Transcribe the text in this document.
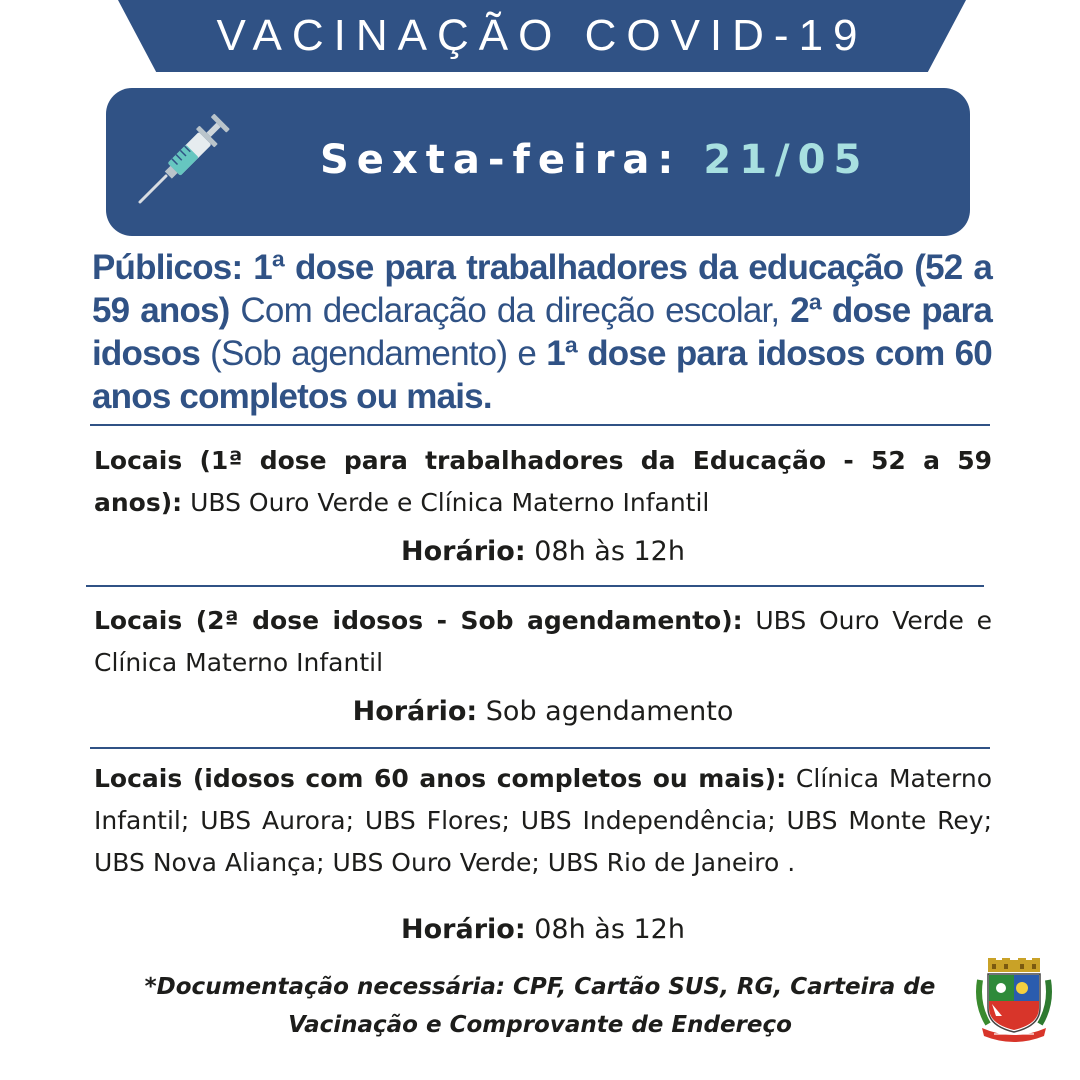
VACINAÇÃO COVID-19
Sexta-feira: 21/05
Públicos: 1ª dose para trabalhadores da educação (52 a 59 anos) Com declaração da direção escolar, 2ª dose para idosos (Sob agendamento) e 1ª dose para idosos com 60 anos completos ou mais.
Locais (1ª dose para trabalhadores da Educação - 52 a 59 anos): UBS Ouro Verde e Clínica Materno Infantil
Horário: 08h às 12h
Locais (2ª dose idosos - Sob agendamento): UBS Ouro Verde e Clínica Materno Infantil
Horário: Sob agendamento
Locais (idosos com 60 anos completos ou mais): Clínica Materno Infantil; UBS Aurora; UBS Flores; UBS Independência; UBS Monte Rey; UBS Nova Aliança; UBS Ouro Verde; UBS Rio de Janeiro .
Horário: 08h às 12h
*Documentação necessária: CPF, Cartão SUS, RG, Carteira de
Vacinação e Comprovante de Endereço
